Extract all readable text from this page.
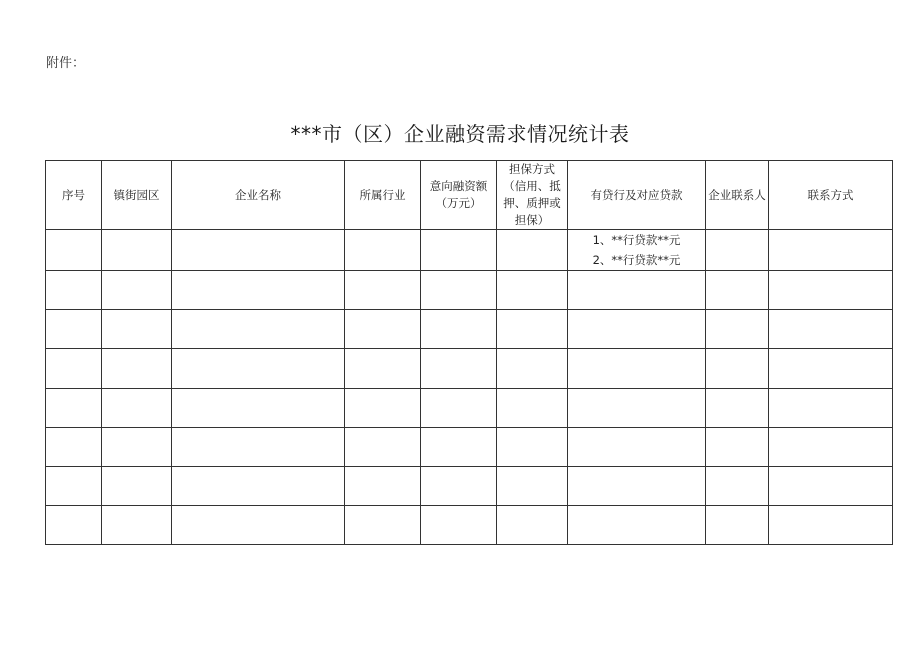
附件：
***市（区）企业融资需求情况统计表
序号	镇街园区	企业名称	所属行业	意向融资额（万元）	担保方式（信用、抵押、质押或担保）	有贷行及对应贷款	企业联系人	联系方式

						1、**行贷款**元
2、**行贷款**元		
